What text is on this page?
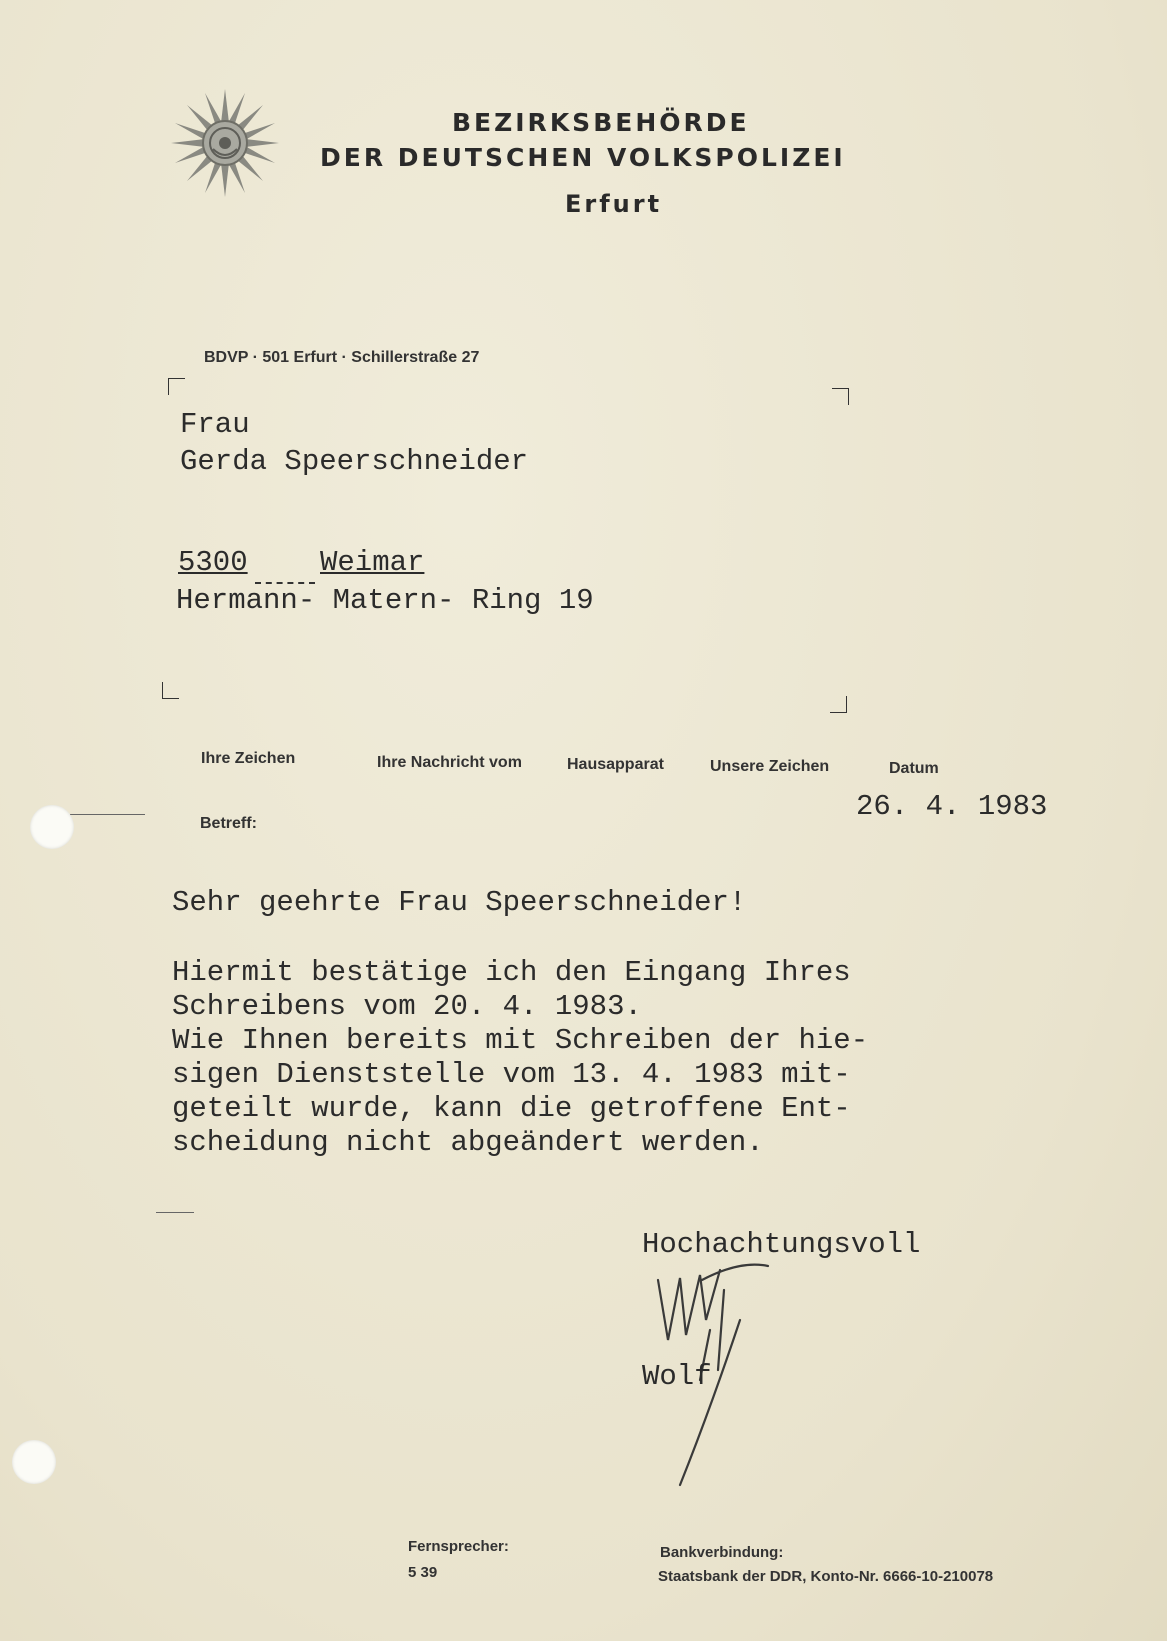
BEZIRKSBEHÖRDE
DER DEUTSCHEN VOLKSPOLIZEI
Erfurt
BDVP · 501 Erfurt · Schillerstraße 27
Frau
Gerda Speerschneider
5300 Weimar
Hermann- Matern- Ring 19
Ihre Zeichen	Ihre Nachricht vom	Hausapparat	Unsere Zeichen	Datum
26. 4. 1983
Betreff:
Sehr geehrte Frau Speerschneider!
Hiermit bestätige ich den Eingang Ihres
Schreibens vom 20. 4. 1983.
Wie Ihnen bereits mit Schreiben der hie-
sigen Dienststelle vom 13. 4. 1983 mit-
geteilt wurde, kann die getroffene Ent-
scheidung nicht abgeändert werden.
Hochachtungsvoll
Wolf
Fernsprecher:
5 39
Bankverbindung:
Staatsbank der DDR, Konto-Nr. 6666-10-210078
